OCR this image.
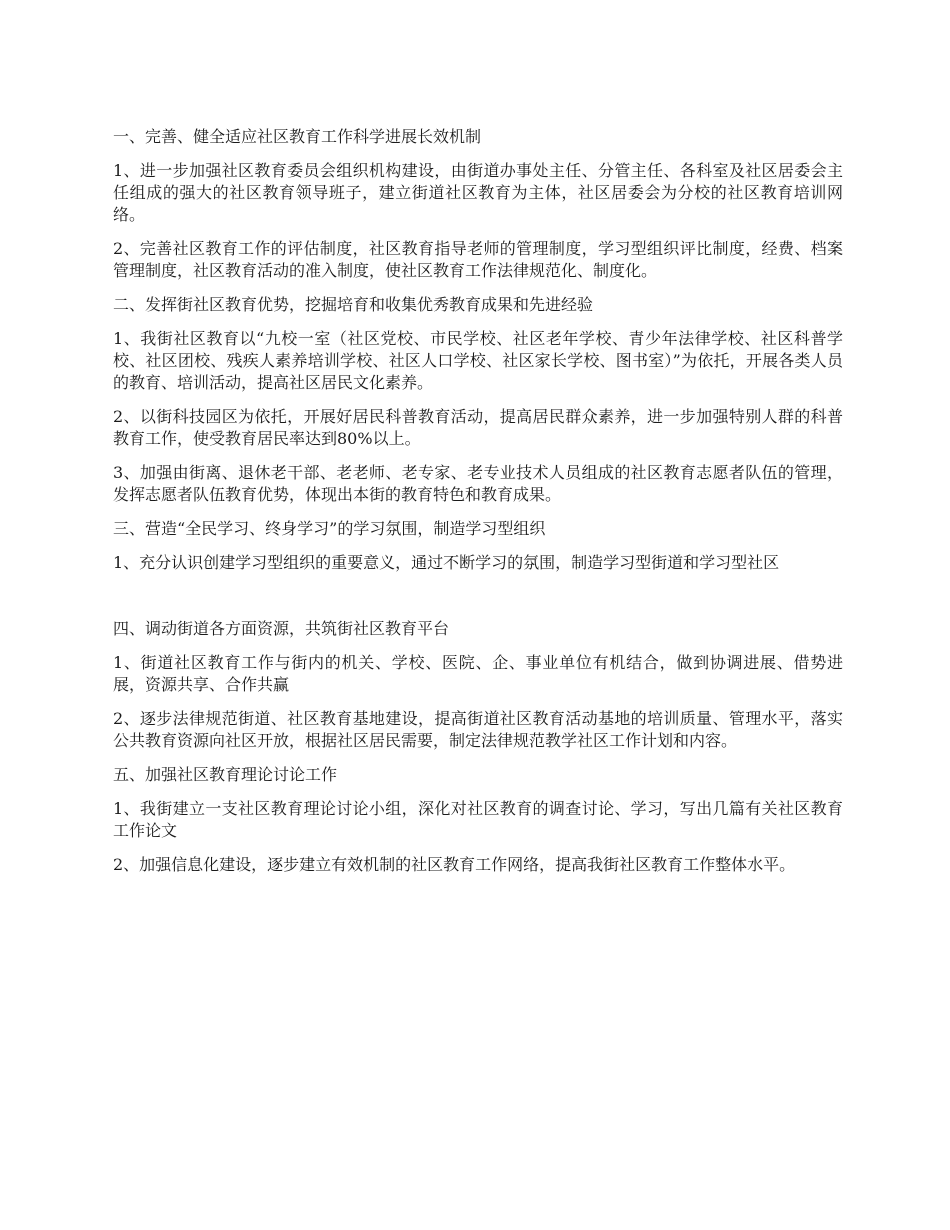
一、完善、健全适应社区教育工作科学进展长效机制

1、进一步加强社区教育委员会组织机构建设，由街道办事处主任、分管主任、各科室及社区居委会主任组成的强大的社区教育领导班子，建立街道社区教育为主体，社区居委会为分校的社区教育培训网络。

2、完善社区教育工作的评估制度，社区教育指导老师的管理制度，学习型组织评比制度，经费、档案管理制度，社区教育活动的准入制度，使社区教育工作法律规范化、制度化。

二、发挥街社区教育优势，挖掘培育和收集优秀教育成果和先进经验

1、我街社区教育以“九校一室（社区党校、市民学校、社区老年学校、青少年法律学校、社区科普学校、社区团校、残疾人素养培训学校、社区人口学校、社区家长学校、图书室）”为依托，开展各类人员的教育、培训活动，提高社区居民文化素养。

2、以街科技园区为依托，开展好居民科普教育活动，提高居民群众素养，进一步加强特别人群的科普教育工作，使受教育居民率达到80%以上。

3、加强由街离、退休老干部、老老师、老专家、老专业技术人员组成的社区教育志愿者队伍的管理，发挥志愿者队伍教育优势，体现出本街的教育特色和教育成果。

三、营造“全民学习、终身学习”的学习氛围，制造学习型组织

1、充分认识创建学习型组织的重要意义，通过不断学习的氛围，制造学习型街道和学习型社区

四、调动街道各方面资源，共筑街社区教育平台

1、街道社区教育工作与街内的机关、学校、医院、企、事业单位有机结合，做到协调进展、借势进展，资源共享、合作共赢

2、逐步法律规范街道、社区教育基地建设，提高街道社区教育活动基地的培训质量、管理水平，落实公共教育资源向社区开放，根据社区居民需要，制定法律规范教学社区工作计划和内容。

五、加强社区教育理论讨论工作

1、我街建立一支社区教育理论讨论小组，深化对社区教育的调查讨论、学习，写出几篇有关社区教育工作论文

2、加强信息化建设，逐步建立有效机制的社区教育工作网络，提高我街社区教育工作整体水平。
